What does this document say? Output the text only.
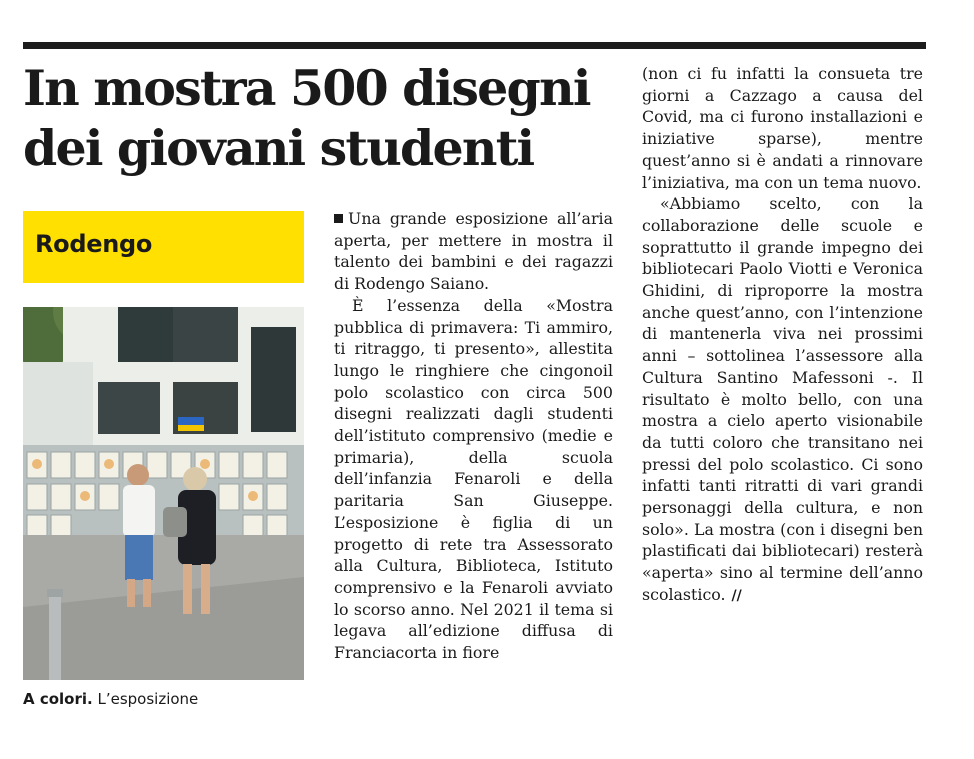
In mostra 500 disegni
dei giovani studenti
Rodengo
A colori. L’esposizione

Una grande esposizione all’aria aperta, per mettere in mostra il talento dei bambini e dei ragazzi di Rodengo Saiano.

È l’essenza della «Mostra pubblica di primavera: Ti ammiro, ti ritraggo, ti presento», allestita lungo le ringhiere che cingonoil polo scolastico con circa 500 disegni realizzati dagli studenti dell’istituto comprensivo (medie e primaria), della scuola dell’infanzia Fenaroli e della paritaria San Giuseppe. L’esposizione è figlia di un progetto di rete tra Assessorato alla Cultura, Biblioteca, Istituto comprensivo e la Fenaroli avviato lo scorso anno. Nel 2021 il tema si legava all’edizione diffusa di Franciacorta in fiore

(non ci fu infatti la consueta tre giorni a Cazzago a causa del Covid, ma ci furono installazioni e iniziative sparse), mentre quest’anno si è andati a rinnovare l’iniziativa, ma con un tema nuovo.

«Abbiamo scelto, con la collaborazione delle scuole e soprattutto il grande impegno dei bibliotecari Paolo Viotti e Veronica Ghidini, di riproporre la mostra anche quest’anno, con l’intenzione di mantenerla viva nei prossimi anni – sottolinea l’assessore alla Cultura Santino Mafessoni -. Il risultato è molto bello, con una mostra a cielo aperto visionabile da tutti coloro che transitano nei pressi del polo scolastico. Ci sono infatti tanti ritratti di vari grandi personaggi della cultura, e non solo». La mostra (con i disegni ben plastificati dai bibliotecari) resterà «aperta» sino al termine dell’anno scolastico. //
